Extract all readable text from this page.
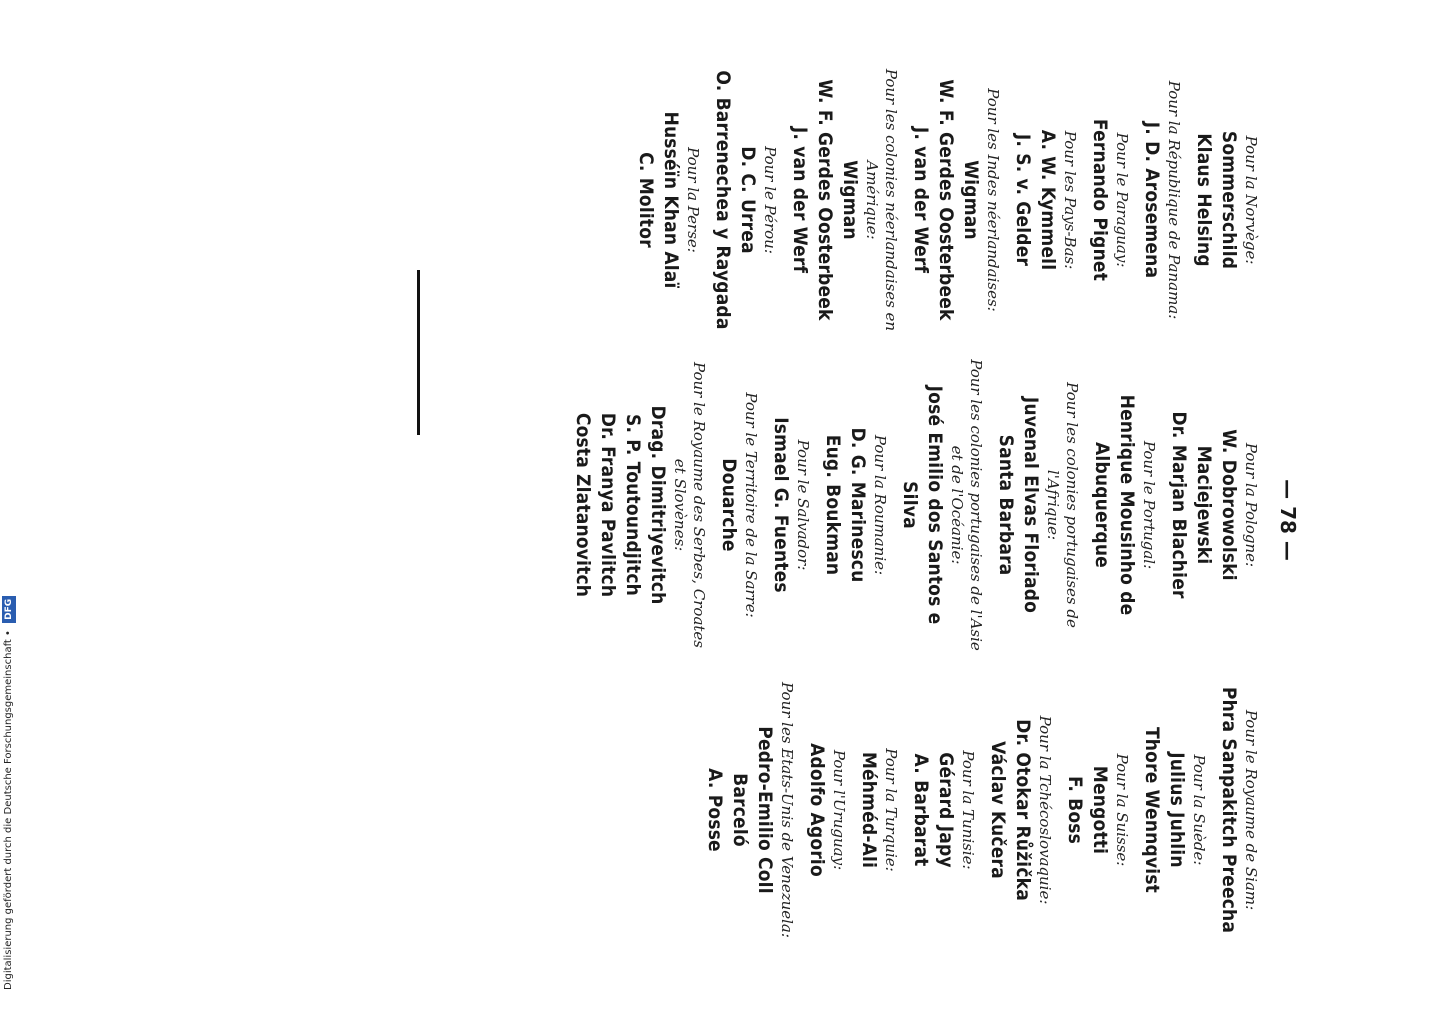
— 78 —
Pour la Norvège:
Sommerschild
Klaus Helsing
Pour la République de Panama:
J. D. Arosemena
Pour le Paraguay:
Fernando Pignet
Pour les Pays-Bas:
A. W. Kymmell
J. S. v. Gelder
Pour les Indes néerlandaises:
Wigman
W. F. Gerdes Oosterbeek
J. van der Werf
Pour les colonies néerlandaises en Amérique:
Wigman
W. F. Gerdes Oosterbeek
J. van der Werf
Pour le Pérou:
D. C. Urrea
O. Barrenechea y Raygada
Pour la Perse:
Husséïn Khan Alaï
C. Molitor
Pour la Pologne:
W. Dobrowolski
Maciejewski
Dr. Marjan Blachier
Pour le Portugal:
Henrique Mousinho de Albuquerque
Pour les colonies portugaises de l'Afrique:
Juvenal Elvas Floriado Santa Barbara
Pour les colonies portugaises de l'Asie et de l'Océanie:
José Emilio dos Santos e Silva
Pour la Roumanie:
D. G. Marinescu
Eug. Boukman
Pour le Salvador:
Ismael G. Fuentes
Pour le Territoire de la Sarre:
Douarche
Pour le Royaume des Serbes, Croates et Slovènes:
Drag. Dimitriyevitch
S. P. Toutoundjitch
Dr. Franya Pavlitch
Costa Zlatanovitch
Pour le Royaume de Siam:
Phra Sanpakitch Preecha
Pour la Suède:
Julius Juhlin
Thore Wennqvist
Pour la Suisse:
Mengotti
F. Boss
Pour la Tchécoslovaquie:
Dr. Otokar Růžička
Václav Kučera
Pour la Tunisie:
Gérard Japy
A. Barbarat
Pour la Turquie:
Méhméd-Ali
Pour l'Uruguay:
Adolfo Agorio
Pour les Etats-Unis de Venezuela:
Pedro-Emilio Coll
Barceló
A. Posse
Digitalisierung gefördert durch die Deutsche Forschungsgemeinschaft • DFG
